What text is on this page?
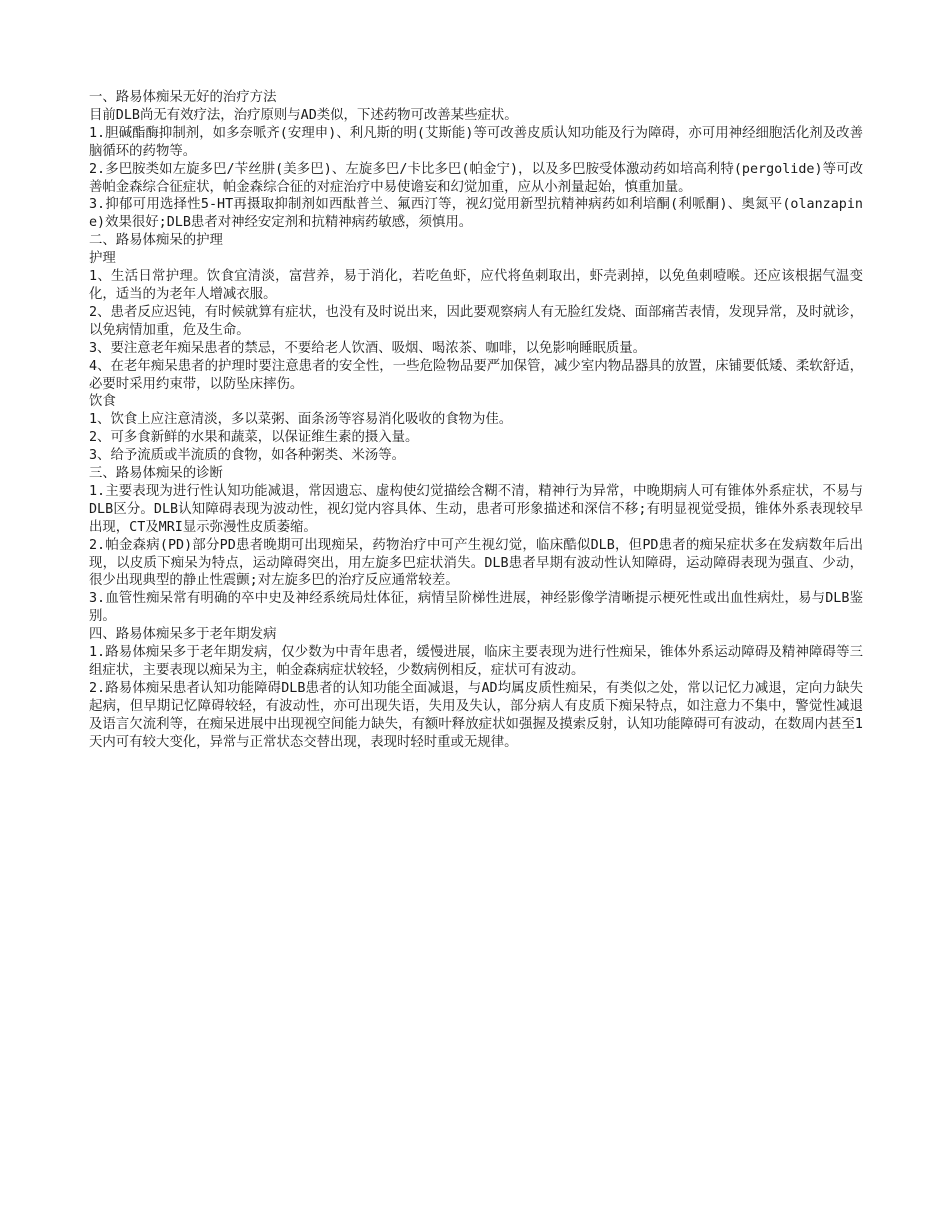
一、路易体痴呆无好的治疗方法

目前DLB尚无有效疗法，治疗原则与AD类似，下述药物可改善某些症状。

1.胆碱酯酶抑制剂，如多奈哌齐(安理申)、利凡斯的明(艾斯能)等可改善皮质认知功能及行为障碍，亦可用神经细胞活化剂及改善脑循环的药物等。

2.多巴胺类如左旋多巴/苄丝肼(美多巴)、左旋多巴/卡比多巴(帕金宁)，以及多巴胺受体激动药如培高利特(pergolide)等可改善帕金森综合征症状，帕金森综合征的对症治疗中易使谵妄和幻觉加重，应从小剂量起始，慎重加量。

3.抑郁可用选择性5-HT再摄取抑制剂如西酞普兰、氟西汀等，视幻觉用新型抗精神病药如利培酮(利哌酮)、奥氮平(olanzapine)效果很好;DLB患者对神经安定剂和抗精神病药敏感，须慎用。

二、路易体痴呆的护理

护理

1、生活日常护理。饮食宜清淡，富营养，易于消化，若吃鱼虾，应代将鱼刺取出，虾壳剥掉，以免鱼刺噎喉。还应该根据气温变化，适当的为老年人增减衣服。

2、患者反应迟钝，有时候就算有症状，也没有及时说出来，因此要观察病人有无脸红发烧、面部痛苦表情，发现异常，及时就诊，以免病情加重，危及生命。

3、要注意老年痴呆患者的禁忌，不要给老人饮酒、吸烟、喝浓茶、咖啡，以免影响睡眠质量。

4、在老年痴呆患者的护理时要注意患者的安全性，一些危险物品要严加保管，减少室内物品器具的放置，床铺要低矮、柔软舒适，必要时采用约束带，以防坠床摔伤。

饮食

1、饮食上应注意清淡，多以菜粥、面条汤等容易消化吸收的食物为佳。

2、可多食新鲜的水果和蔬菜，以保证维生素的摄入量。

3、给予流质或半流质的食物，如各种粥类、米汤等。

三、路易体痴呆的诊断

1.主要表现为进行性认知功能减退，常因遗忘、虚构使幻觉描绘含糊不清，精神行为异常，中晚期病人可有锥体外系症状，不易与DLB区分。DLB认知障碍表现为波动性，视幻觉内容具体、生动，患者可形象描述和深信不移;有明显视觉受损，锥体外系表现较早出现，CT及MRI显示弥漫性皮质萎缩。

2.帕金森病(PD)部分PD患者晚期可出现痴呆，药物治疗中可产生视幻觉，临床酷似DLB，但PD患者的痴呆症状多在发病数年后出现，以皮质下痴呆为特点，运动障碍突出，用左旋多巴症状消失。DLB患者早期有波动性认知障碍，运动障碍表现为强直、少动，很少出现典型的静止性震颤;对左旋多巴的治疗反应通常较差。

3.血管性痴呆常有明确的卒中史及神经系统局灶体征，病情呈阶梯性进展，神经影像学清晰提示梗死性或出血性病灶，易与DLB鉴别。

四、路易体痴呆多于老年期发病

1.路易体痴呆多于老年期发病，仅少数为中青年患者，缓慢进展，临床主要表现为进行性痴呆，锥体外系运动障碍及精神障碍等三组症状，主要表现以痴呆为主，帕金森病症状较轻，少数病例相反，症状可有波动。

2.路易体痴呆患者认知功能障碍DLB患者的认知功能全面减退，与AD均属皮质性痴呆，有类似之处，常以记忆力减退，定向力缺失起病，但早期记忆障碍较轻，有波动性，亦可出现失语，失用及失认，部分病人有皮质下痴呆特点，如注意力不集中，警觉性减退及语言欠流利等，在痴呆进展中出现视空间能力缺失，有额叶释放症状如强握及摸索反射，认知功能障碍可有波动，在数周内甚至1天内可有较大变化，异常与正常状态交替出现，表现时轻时重或无规律。
